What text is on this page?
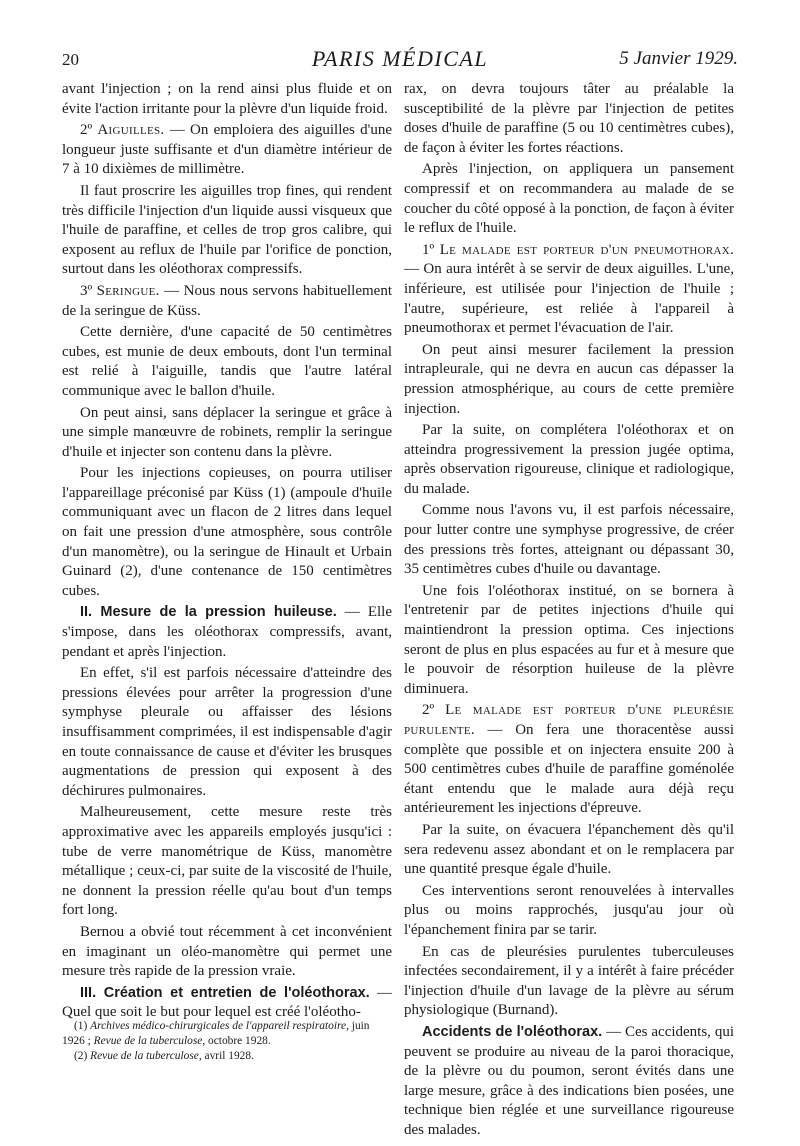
20	PARIS MÉDICAL	5 Janvier 1929.

avant l'injection ; on la rend ainsi plus fluide et on évite l'action irritante pour la plèvre d'un liquide froid.

2º Aiguilles. — On emploiera des aiguilles d'une longueur juste suffisante et d'un diamètre intérieur de 7 à 10 dixièmes de millimètre.

Il faut proscrire les aiguilles trop fines, qui rendent très difficile l'injection d'un liquide aussi visqueux que l'huile de paraffine, et celles de trop gros calibre, qui exposent au reflux de l'huile par l'orifice de ponction, surtout dans les oléothorax compressifs.

3º Seringue. — Nous nous servons habituellement de la seringue de Küss.

Cette dernière, d'une capacité de 50 centimètres cubes, est munie de deux embouts, dont l'un terminal est relié à l'aiguille, tandis que l'autre latéral communique avec le ballon d'huile.

On peut ainsi, sans déplacer la seringue et grâce à une simple manœuvre de robinets, remplir la seringue d'huile et injecter son contenu dans la plèvre.

Pour les injections copieuses, on pourra utiliser l'appareillage préconisé par Küss (1) (ampoule d'huile communiquant avec un flacon de 2 litres dans lequel on fait une pression d'une atmosphère, sous contrôle d'un manomètre), ou la seringue de Hinault et Urbain Guinard (2), d'une contenance de 150 centimètres cubes.

II. Mesure de la pression huileuse. — Elle s'impose, dans les oléothorax compressifs, avant, pendant et après l'injection.

En effet, s'il est parfois nécessaire d'atteindre des pressions élevées pour arrêter la progression d'une symphyse pleurale ou affaisser des lésions insuffisamment comprimées, il est indispensable d'agir en toute connaissance de cause et d'éviter les brusques augmentations de pression qui exposent à des déchirures pulmonaires.

Malheureusement, cette mesure reste très approximative avec les appareils employés jusqu'ici : tube de verre manométrique de Küss, manomètre métallique ; ceux-ci, par suite de la viscosité de l'huile, ne donnent la pression réelle qu'au bout d'un temps fort long.

Bernou a obvié tout récemment à cet inconvénient en imaginant un oléo-manomètre qui permet une mesure très rapide de la pression vraie.

III. Création et entretien de l'oléothorax. — Quel que soit le but pour lequel est créé l'oléotho-

rax, on devra toujours tâter au préalable la susceptibilité de la plèvre par l'injection de petites doses d'huile de paraffine (5 ou 10 centimètres cubes), de façon à éviter les fortes réactions.

Après l'injection, on appliquera un pansement compressif et on recommandera au malade de se coucher du côté opposé à la ponction, de façon à éviter le reflux de l'huile.

1º Le malade est porteur d'un pneumothorax. — On aura intérêt à se servir de deux aiguilles. L'une, inférieure, est utilisée pour l'injection de l'huile ; l'autre, supérieure, est reliée à l'appareil à pneumothorax et permet l'évacuation de l'air.

On peut ainsi mesurer facilement la pression intrapleurale, qui ne devra en aucun cas dépasser la pression atmosphérique, au cours de cette première injection.

Par la suite, on complétera l'oléothorax et on atteindra progressivement la pression jugée optima, après observation rigoureuse, clinique et radiologique, du malade.

Comme nous l'avons vu, il est parfois nécessaire, pour lutter contre une symphyse progressive, de créer des pressions très fortes, atteignant ou dépassant 30, 35 centimètres cubes d'huile ou davantage.

Une fois l'oléothorax institué, on se bornera à l'entretenir par de petites injections d'huile qui maintiendront la pression optima. Ces injections seront de plus en plus espacées au fur et à mesure que le pouvoir de résorption huileuse de la plèvre diminuera.

2º Le malade est porteur d'une pleurésie purulente. — On fera une thoracentèse aussi complète que possible et on injectera ensuite 200 à 500 centimètres cubes d'huile de paraffine goménolée étant entendu que le malade aura déjà reçu antérieurement les injections d'épreuve.

Par la suite, on évacuera l'épanchement dès qu'il sera redevenu assez abondant et on le remplacera par une quantité presque égale d'huile.

Ces interventions seront renouvelées à intervalles plus ou moins rapprochés, jusqu'au jour où l'épanchement finira par se tarir.

En cas de pleurésies purulentes tuberculeuses infectées secondairement, il y a intérêt à faire précéder l'injection d'huile d'un lavage de la plèvre au sérum physiologique (Burnand).

Accidents de l'oléothorax. — Ces accidents, qui peuvent se produire au niveau de la paroi thoracique, de la plèvre ou du poumon, seront évités dans une large mesure, grâce à des indications bien posées, une technique bien réglée et une surveillance rigoureuse des malades.

(1) Archives médico-chirurgicales de l'appareil respiratoire, juin 1926 ; Revue de la tuberculose, octobre 1928.

(2) Revue de la tuberculose, avril 1928.
